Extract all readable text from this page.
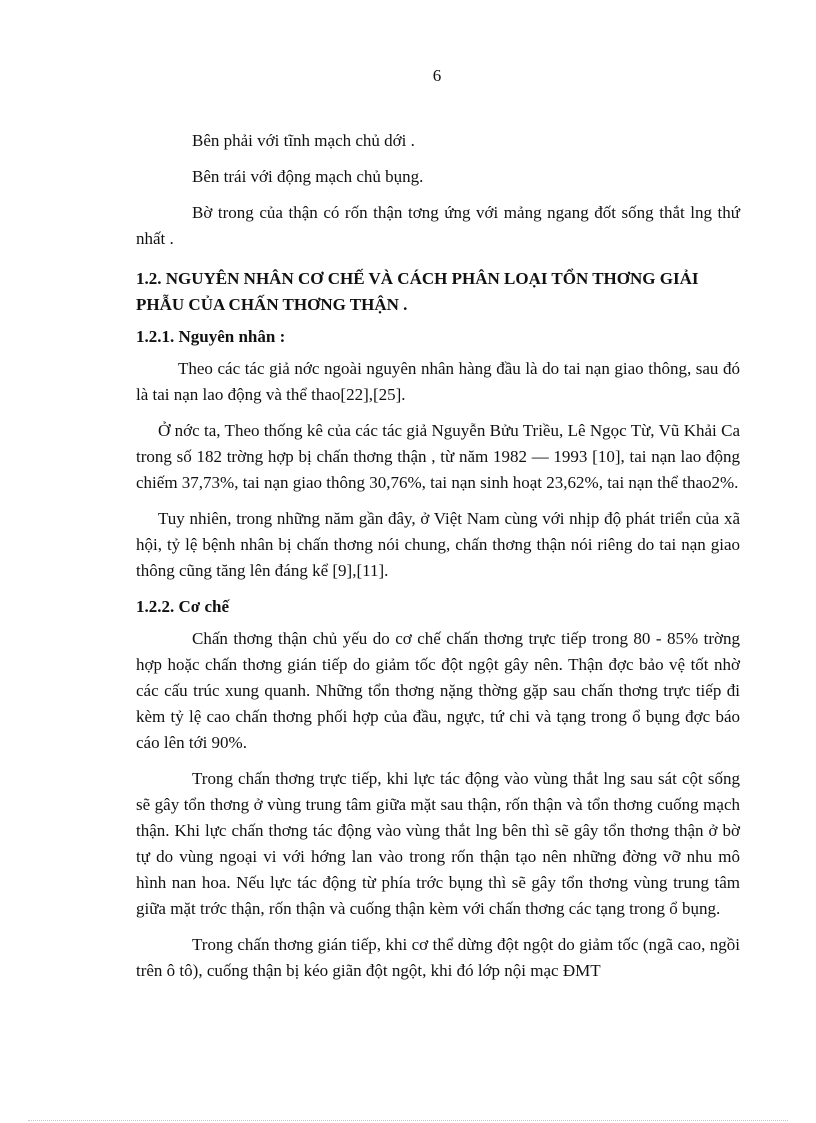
6

Bên phải với tĩnh mạch chủ dới .

Bên trái với động mạch chủ bụng.

Bờ trong của thận có rốn thận tơng ứng với mảng ngang đốt sống thắt lng thứ nhất .

1.2. NGUYÊN NHÂN CƠ CHẾ VÀ CÁCH PHÂN LOẠI TỔN THƠNG GIẢI PHẪU CỦA CHẤN THƠNG THẬN .
1.2.1. Nguyên nhân :

Theo các tác giả nớc ngoài nguyên nhân hàng đầu là do tai nạn giao thông, sau đó là tai nạn lao động và thể thao[22],[25].

Ở nớc ta, Theo thống kê của các tác giả Nguyễn Bửu Triều, Lê Ngọc Từ, Vũ Khải Ca trong số 182 trờng hợp bị chấn thơng thận , từ năm 1982 — 1993 [10], tai nạn lao động chiếm 37,73%, tai nạn giao thông 30,76%, tai nạn sinh hoạt 23,62%, tai nạn thể thao2%.

Tuy nhiên, trong những năm gần đây, ở Việt Nam cùng với nhịp độ phát triển của xã hội, tỷ lệ bệnh nhân bị chấn thơng nói chung, chấn thơng thận nói riêng do tai nạn giao thông cũng tăng lên đáng kể [9],[11].

1.2.2. Cơ chế

Chấn thơng thận chủ yếu do cơ chế chấn thơng trực tiếp trong 80 - 85% trờng hợp hoặc chấn thơng gián tiếp do giảm tốc đột ngột gây nên. Thận đợc bảo vệ tốt nhờ các cấu trúc xung quanh. Những tổn thơng nặng thờng gặp sau chấn thơng trực tiếp đi kèm tỷ lệ cao chấn thơng phối hợp của đầu, ngực, tứ chi và tạng trong ổ bụng đợc báo cáo lên tới 90%.

Trong chấn thơng trực tiếp, khi lực tác động vào vùng thắt lng sau sát cột sống sẽ gây tổn thơng ở vùng trung tâm giữa mặt sau thận, rốn thận và tổn thơng cuống mạch thận. Khi lực chấn thơng tác động vào vùng thắt lng bên thì sẽ gây tổn thơng thận ở bờ tự do vùng ngoại vi với hớng lan vào trong rốn thận tạo nên những đờng vỡ nhu mô hình nan hoa. Nếu lực tác động từ phía trớc bụng thì sẽ gây tổn thơng vùng trung tâm giữa mặt trớc thận, rốn thận và cuống thận kèm với chấn thơng các tạng trong ổ bụng.

Trong chấn thơng gián tiếp, khi cơ thể dừng đột ngột do giảm tốc (ngã cao, ngồi trên ô tô), cuống thận bị kéo giãn đột ngột, khi đó lớp nội mạc ĐMT
